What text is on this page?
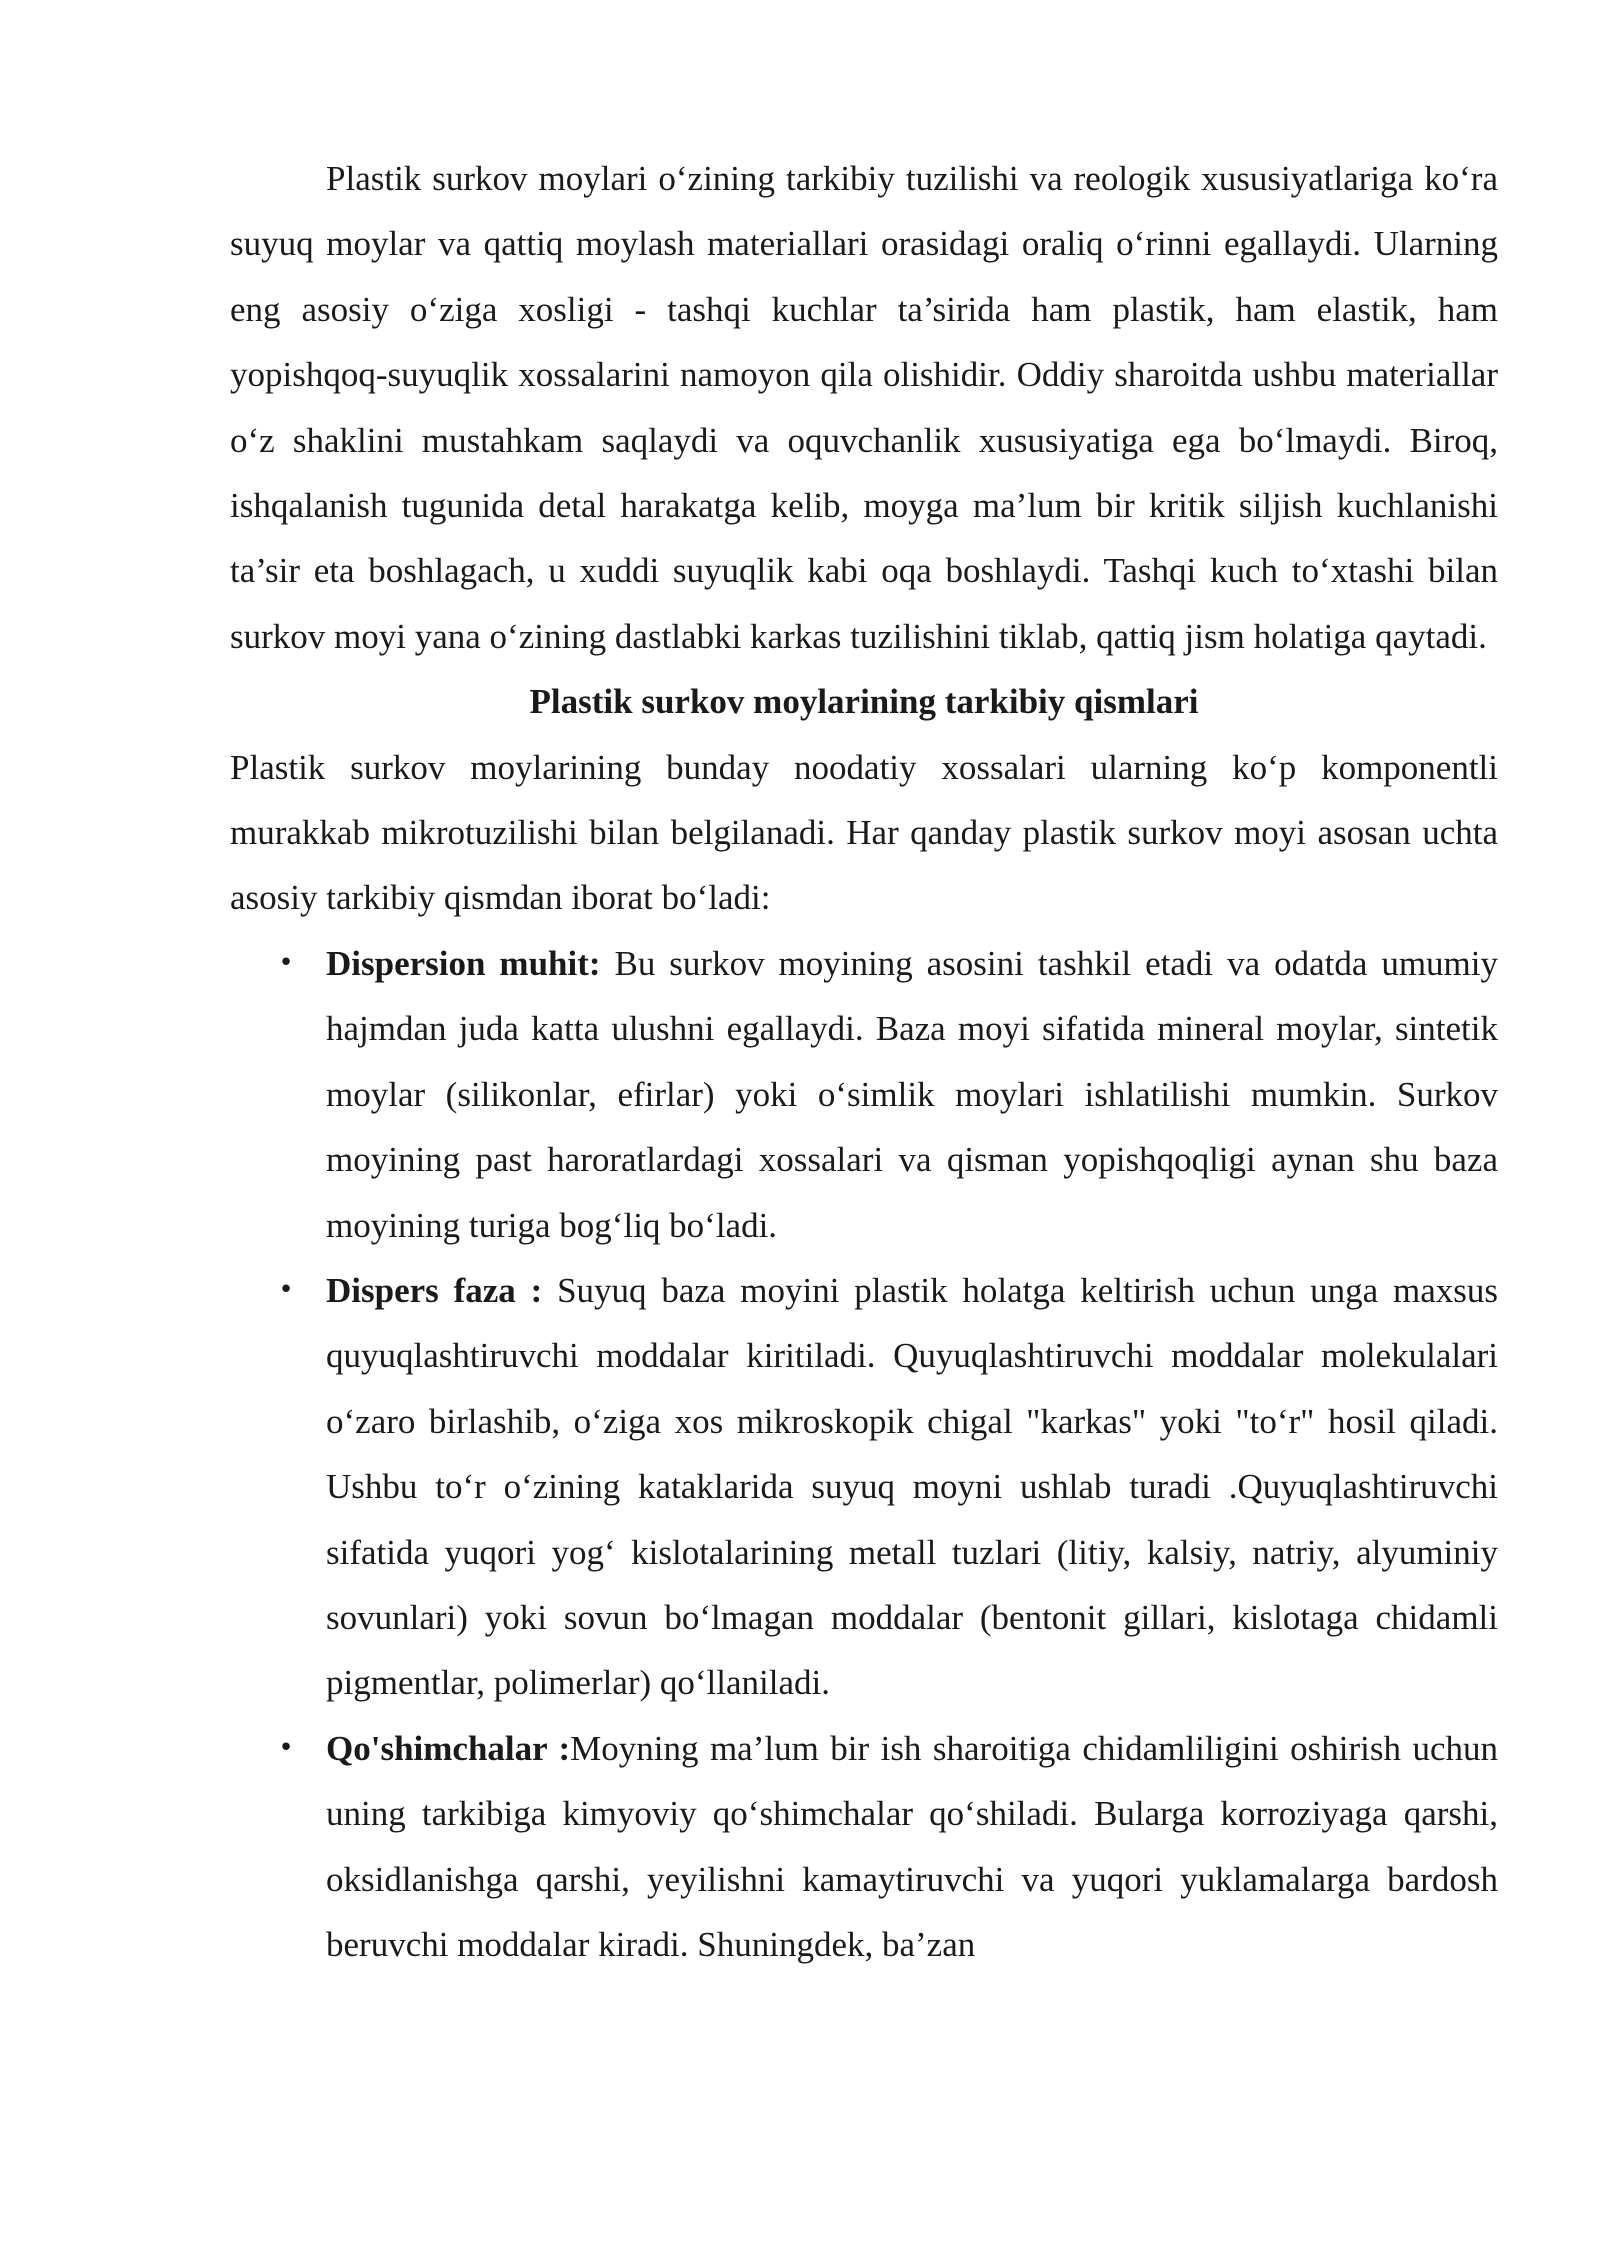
Plastik surkov moylari o‘zining tarkibiy tuzilishi va reologik xususiyatlariga ko‘ra suyuq moylar va qattiq moylash materiallari orasidagi oraliq o‘rinni egallaydi. Ularning eng asosiy o‘ziga xosligi - tashqi kuchlar ta’sirida ham plastik, ham elastik, ham yopishqoq-suyuqlik xossalarini namoyon qila olishidir. Oddiy sharoitda ushbu materiallar o‘z shaklini mustahkam saqlaydi va oquvchanlik xususiyatiga ega bo‘lmaydi. Biroq, ishqalanish tugunida detal harakatga kelib, moyga ma’lum bir kritik siljish kuchlanishi ta’sir eta boshlagach, u xuddi suyuqlik kabi oqa boshlaydi. Tashqi kuch to‘xtashi bilan surkov moyi yana o‘zining dastlabki karkas tuzilishini tiklab, qattiq jism holatiga qaytadi.

Plastik surkov moylarining tarkibiy qismlari

Plastik surkov moylarining bunday noodatiy xossalari ularning ko‘p komponentli murakkab mikrotuzilishi bilan belgilanadi. Har qanday plastik surkov moyi asosan uchta asosiy tarkibiy qismdan iborat bo‘ladi:

• Dispersion muhit: Bu surkov moyining asosini tashkil etadi va odatda umumiy hajmdan juda katta ulushni egallaydi. Baza moyi sifatida mineral moylar, sintetik moylar (silikonlar, efirlar) yoki o‘simlik moylari ishlatilishi mumkin. Surkov moyining past haroratlardagi xossalari va qisman yopishqoqligi aynan shu baza moyining turiga bog‘liq bo‘ladi.
• Dispers faza : Suyuq baza moyini plastik holatga keltirish uchun unga maxsus quyuqlashtiruvchi moddalar kiritiladi. Quyuqlashtiruvchi moddalar molekulalari o‘zaro birlashib, o‘ziga xos mikroskopik chigal "karkas" yoki "to‘r" hosil qiladi. Ushbu to‘r o‘zining kataklarida suyuq moyni ushlab turadi .Quyuqlashtiruvchi sifatida yuqori yog‘ kislotalarining metall tuzlari (litiy, kalsiy, natriy, alyuminiy sovunlari) yoki sovun bo‘lmagan moddalar (bentonit gillari, kislotaga chidamli pigmentlar, polimerlar) qo‘llaniladi.
• Qo'shimchalar :Moyning ma’lum bir ish sharoitiga chidamliligini oshirish uchun uning tarkibiga kimyoviy qo‘shimchalar qo‘shiladi. Bularga korroziyaga qarshi, oksidlanishga qarshi, yeyilishni kamaytiruvchi va yuqori yuklamalarga bardosh beruvchi moddalar kiradi. Shuningdek, ba’zan
